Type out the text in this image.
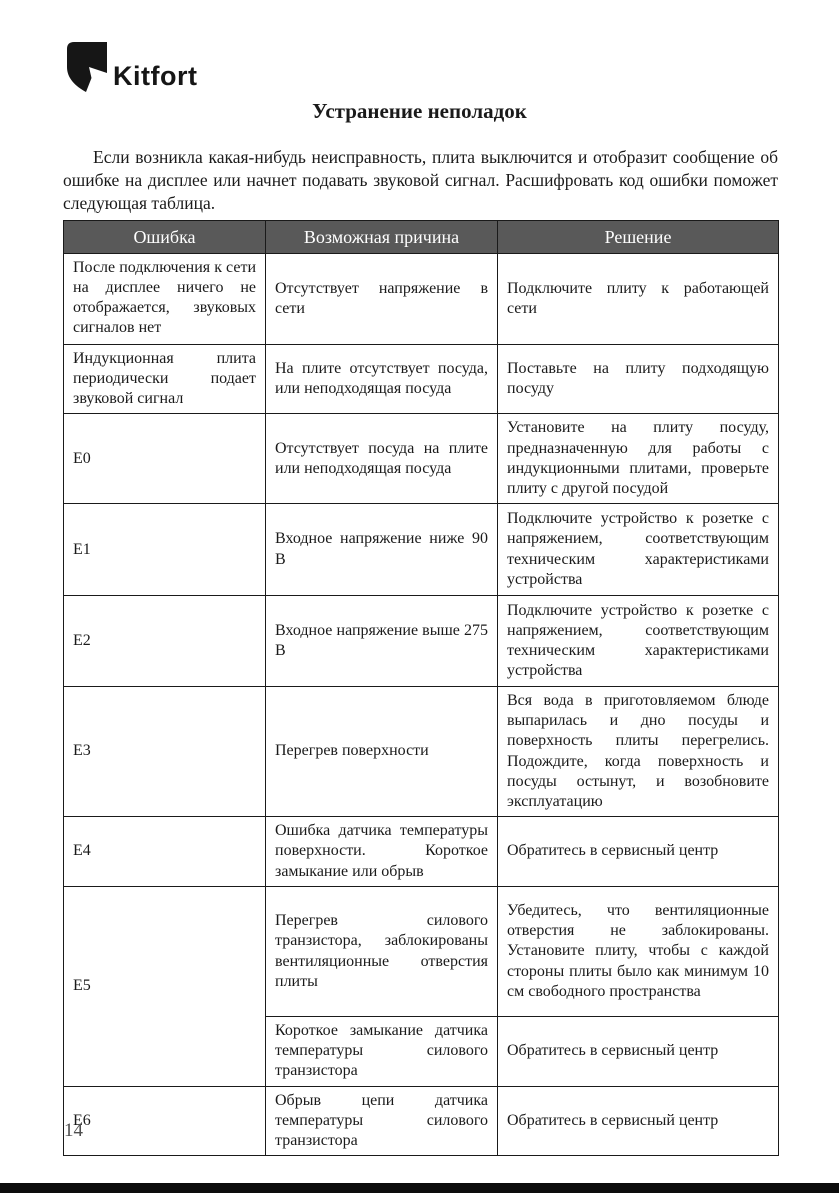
Kitfort
Устранение неполадок

Если возникла какая-нибудь неисправность, плита выключится и отобразит сообщение об ошибке на дисплее или начнет подавать звуковой сигнал. Расшифровать код ошибки поможет следующая таблица.

Ошибка	Возможная причина	Решение
После подключения к сети на дисплее ничего не отображается, звуковых сигналов нет	Отсутствует напряжение в сети	Подключите плиту к работающей сети
Индукционная плита периодически подает звуковой сигнал	На плите отсутствует посуда, или неподходящая посуда	Поставьте на плиту подходящую посуду
E0	Отсутствует посуда на плите или неподходящая посуда	Установите на плиту посуду, предназначенную для работы с индукционными плитами, проверьте плиту с другой посудой
E1	Входное напряжение ниже 90 В	Подключите устройство к розетке с напряжением, соответствующим техническим характеристиками устройства
E2	Входное напряжение выше 275 В	Подключите устройство к розетке с напряжением, соответствующим техническим характеристиками устройства
E3	Перегрев поверхности	Вся вода в приготовляемом блюде выпарилась и дно посуды и поверхность плиты перегрелись. Подождите, когда поверхность и посуды остынут, и возобновите эксплуатацию
E4	Ошибка датчика температуры поверхности. Короткое замыкание или обрыв	Обратитесь в сервисный центр
E5	Перегрев силового транзистора, заблокированы вентиляционные отверстия плиты	Убедитесь, что вентиляционные отверстия не заблокированы. Установите плиту, чтобы с каждой стороны плиты было как минимум 10 см свободного пространства
	Короткое замыкание датчика температуры силового транзистора	Обратитесь в сервисный центр
E6	Обрыв цепи датчика температуры силового транзистора	Обратитесь в сервисный центр
14
